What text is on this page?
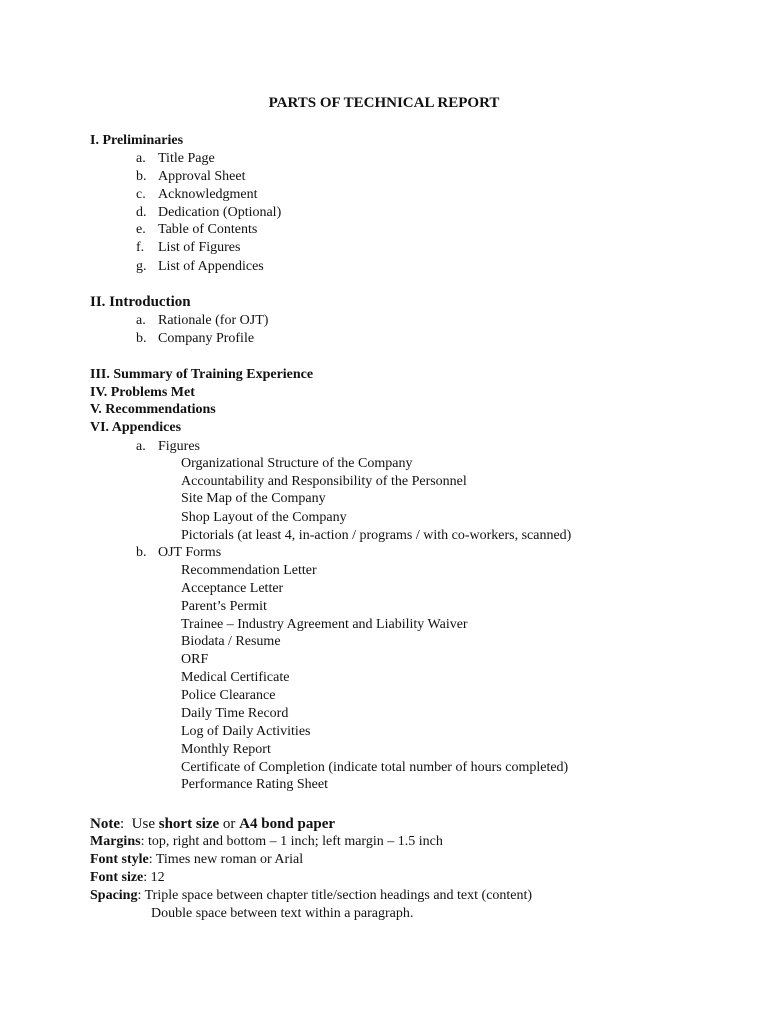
PARTS OF TECHNICAL REPORT
I. Preliminaries
a. Title Page
b. Approval Sheet
c. Acknowledgment
d. Dedication (Optional)
e. Table of Contents
f. List of Figures
g. List of Appendices
II. Introduction
a. Rationale (for OJT)
b. Company Profile
III. Summary of Training Experience
IV. Problems Met
V. Recommendations
VI. Appendices
a. Figures
Organizational Structure of the Company
Accountability and Responsibility of the Personnel
Site Map of the Company
Shop Layout of the Company
Pictorials (at least 4, in-action / programs / with co-workers, scanned)
b. OJT Forms
Recommendation Letter
Acceptance Letter
Parent’s Permit
Trainee – Industry Agreement and Liability Waiver
Biodata / Resume
ORF
Medical Certificate
Police Clearance
Daily Time Record
Log of Daily Activities
Monthly Report
Certificate of Completion (indicate total number of hours completed)
Performance Rating Sheet
Note:  Use short size or A4 bond paper
Margins: top, right and bottom – 1 inch; left margin – 1.5 inch
Font style: Times new roman or Arial
Font size: 12
Spacing: Triple space between chapter title/section headings and text (content)
Double space between text within a paragraph.
